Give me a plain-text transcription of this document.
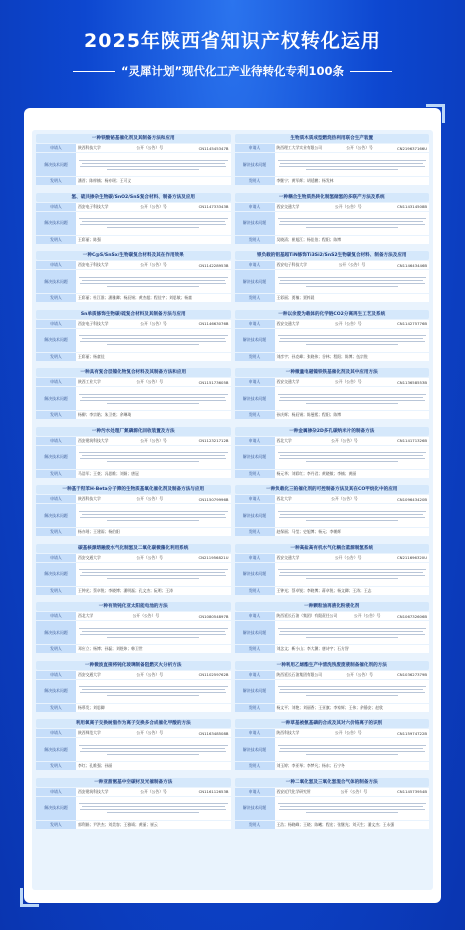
2025年陕西省知识产权转化运用
“灵犀计划”现代化工产业待转化专利100条
一种铁酸铋基催化剂及其制备方法和应用
申请人	陕西科技大学	公开（公告）号	CN114545347B
解决技术问题
发明人	潘晋；陈梓楠；杨亦瑶；王可义
生物质木质成型燃烧热利用联合生产装置
申请人	陕西理工大学实业有限公司	公开（公告）号	CN219637166U
解决技术问题
发明人	李继宁；黄军辉；胡延鹏；杨发林
氢、硫共掺杂生物碳/SnO2/SnS复合材料、制备方法及应用
申请人	西安电子科技大学	公开（公告）号	CN114733343B
解决技术问题
发明人	王彩丽；陈强
一种耦合生物质热转化制氢储氢的多联产方法及系统
申请人	西安交通大学	公开（公告）号	CN114314508B
解决技术问题
发明人	吴晓清；崔旭江；杨佳伯；程阳；陈博
一种C@S/SnSx/生物碳复合材料及其在作用效果
申请人	西安电子科技大学	公开（公告）号	CN114228953B
解决技术问题
发明人	王彩丽；杜江淮；潘雅卿；杨辰锡；黄杰超；程佳宇；刘思敏；杨童
银负载的铝基超TiN修饰Ti3Si2/SnS2生物碳复合材料、制备方法及应用
申请人	西安电子科技大学	公开（公告）号	CN114643446B
解决技术问题
发明人	王彩丽；贾楠；贾梓晨
Sn单质修饰生物碳/硫复合材料及其制备方法与应用
申请人	西安电子科技大学	公开（公告）号	CN114663076B
解决技术问题
发明人	王彩丽；杨童佳
一种以余废为载体的化学链CO2分离再生工艺及系统
申请人	西安交通大学	公开（公告）号	CN114275776B
解决技术问题
发明人	刘彦宇；孙克峰；张晓伟；谷林；程阳；陈博；伍宗锐
一种具有复合层镍化物复合材料及其制备方法和应用
申请人	陕西工业大学	公开（公告）号	CN115173605B
解决技术问题
发明人	杨柳；李宗皓；朱卫豪；余琳琦
一种微量电磁镍铁铁基催化剂及其中应用方法
申请人	西安交通大学	公开（公告）号	CN113658553B
解决技术问题
发明人	孙庆辉；杨辰锡；陈曼熙；程阳；陈博
一种污水处理厂氮磷源化回收装置及方法
申请人	西安建筑科技大学	公开（公告）号	CN112321712B
解决技术问题
发明人	马浩军；王豪；冯思维；刘娟；唐冠
一种金属掺杂2D多孔碳纳米片的制备方法
申请人	西北大学	公开（公告）号	CN114171326B
解决技术问题
发明人	杨元华；刘彩红；李丹君；黄晓敏；李楠；黄丽
一种基于羟苯H-Beta分子筛的生物质基氧化催化剂及制备方法与应用
申请人	陕西科技大学	公开（公告）号	CN115079996B
解决技术问题
发明人	杨亦瑶；王建雨；杨伯阳
一种负载化三铂催化剂的可控制备方法及其在CO甲烷化中的应用
申请人	西北大学	公开（公告）号	CN109643420B
解决技术问题
发明人	赵保丽；马莹；史旭博；杨元；李朝辉
碳基核源熔融废水气化制氢及二氧化碳微藻化利用系统
申请人	西安交通大学	公开（公告）号	CN211956821U
解决技术问题
发明人	王钟光；蔡卓锐；李晓博；潘明磊；孔文杰；阮明；王涛
一种高盐高有机水气化耦合蒸源制氢系统
申请人	西安交通大学	公开（公告）号	CN211696320U
解决技术问题
发明人	王钟光；蔡卓锐；李晓博；蒋卓锐；杨文卿；王涛；王志
一种有效钝化亚太阳能电池的方法
申请人	西北大学	公开（公告）号	CN108054897B
解决技术问题
发明人	邓应立；杨博；孙磊；刘煜炜；韩卫世
一种颗粒油再液化粉液化剂
申请人	陕西延长石油（集团）有限责任公司	公开（公告）号	CN106732606B
解决技术问题
发明人	刘念文；靳小山；李大渊；唐诗宇；石方智
一种微波直接将钝化玻璃制备阻燃灭火分析方法
申请人	西安交通大学	公开（公告）号	CN110259762B
解决技术问题
发明人	杨慕发；刘思卿
一种利用乙烯酯生产中清洗残废废液制备催化剂的方法
申请人	陕西延长石油集团有限公司	公开（公告）号	CN103627379B
解决技术问题
发明人	杨文平；刘艳；刘丽香；王亚旗；李家辉；王伟；余静安；赵欣
利用氧离子交换树脂作为离子交换多合成催化甲酸的方法
申请人	陕西师范大学	公开（公告）号	CN116348508B
解决技术问题
发明人	李红；孔维强；孙丽
一种草基被氨基磷的合成及其对六价铬离子的识别
申请人	陕西科技大学	公开（公告）号	CN115974722B
解决技术问题
发明人	刘玉婷；李亚琴；李梦凡；杨东；石宁冬
一种亚甜氨基中空碳材及光催制备方法
申请人	西安建筑科技大学	公开（公告）号	CN116112653B
解决技术问题
发明人	郭利娟；尹洪杰；刘美容；王雅靖；黄丽；崔云
一种二氧化氢及三氧化氢混合气体的制备方法
申请人	西安近代化学研究所	公开（公告）号	CN114573954B
解决技术问题
发明人	王浩；杨晓峰；王晓；陈曦；程宏；张继光；刘天生；潘文杰；王永强
